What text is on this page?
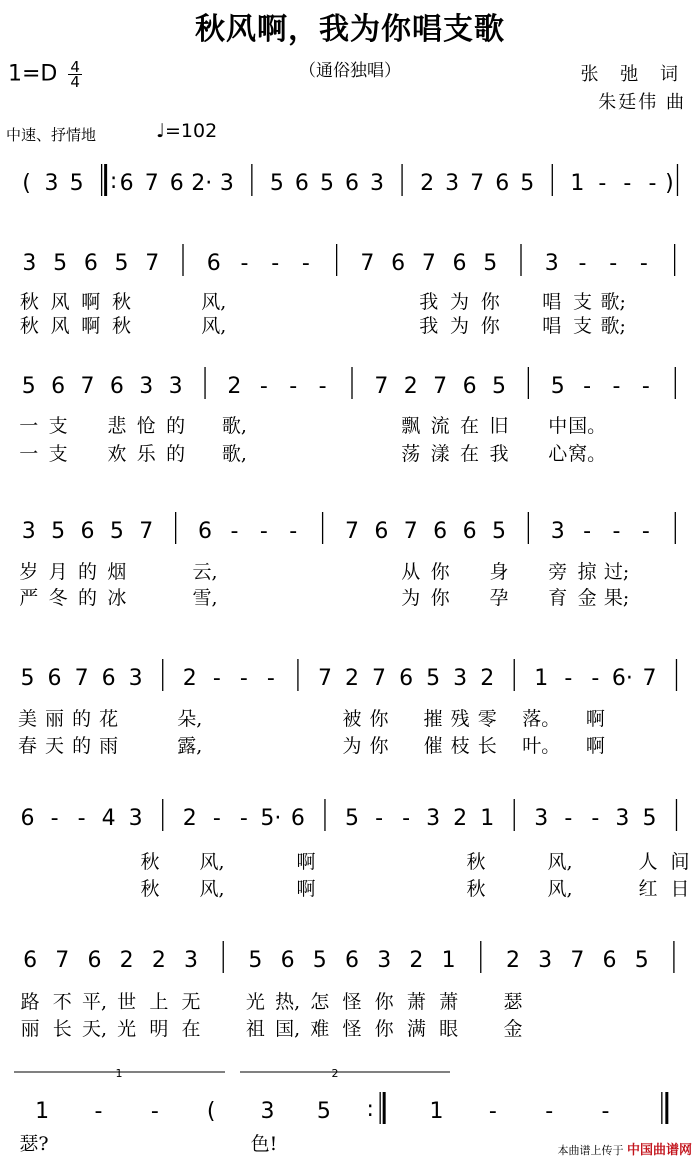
秋风啊，我为你唱支歌
（通俗独唱）	张 弛 词
朱廷伟 曲
$1=D \frac{4}{4}$
中速、抒情地	♩=102
本曲谱上传于 中国曲谱网
( 3 5 : 6 7 6 2· 3 5 6 5 6 3 2 3 7 6 5 1 - - - )
3 5 6 5 7 6 - - - 7 6 7 6 5 3 - - -
秋 风 啊 秋	风,	我 为 你 唱 支 歌;
秋 风 啊 秋	风,	我 为 你 唱 支 歌;
5 6 7 6 3 3 2 - - - 7 2 7 6 5 5 - - -
一 支 悲 怆 的 歌,	飘 流 在 旧 中 国。
一 支 欢 乐 的 歌,	荡 漾 在 我 心 窝。
3 5 6 5 7 6 - - - 7 6 7 6 6 5 3 - - -
岁 月 的 烟	云,	从 你 身 旁 掠 过;
严 冬 的 冰	雪,	为 你 孕 育 金 果;
5 6 7 6 3 2 - - - 7 2 7 6 5 3 2 1 - - 6· 7
美 丽 的 花	朵,	被 你 摧 残 零 落。 啊
春 天 的 雨	露,	为 你 催 枝 长 叶。 啊
6 - - 4 3 2 - - 5· 6 5 - - 3 2 1 3 - - 3 5
秋 风,	啊	秋	风,	人 间
秋 风,	啊	秋	风,	红 日
6 7 6 2 2 3 5 6 5 6 3 2 1 2 3 7 6 5
路 不 平, 世 上 无 光 热, 怎 怪 你 萧 萧 瑟
丽 长 天, 光 明 在 祖 国, 难 怪 你 满 眼 金
1 - - ( 3 5 :	1 - - -
瑟?	色!
1	2
